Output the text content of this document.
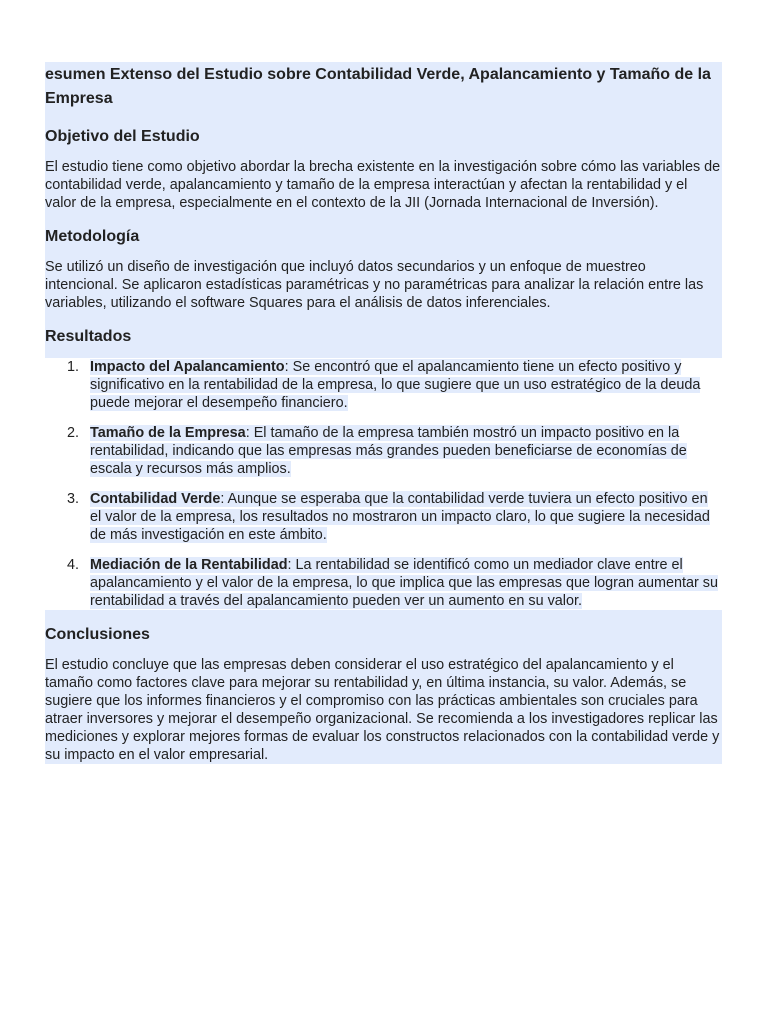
esumen Extenso del Estudio sobre Contabilidad Verde, Apalancamiento y Tamaño de la Empresa
Objetivo del Estudio

El estudio tiene como objetivo abordar la brecha existente en la investigación sobre cómo las variables de contabilidad verde, apalancamiento y tamaño de la empresa interactúan y afectan la rentabilidad y el valor de la empresa, especialmente en el contexto de la JII (Jornada Internacional de Inversión).

Metodología

Se utilizó un diseño de investigación que incluyó datos secundarios y un enfoque de muestreo intencional. Se aplicaron estadísticas paramétricas y no paramétricas para analizar la relación entre las variables, utilizando el software Squares para el análisis de datos inferenciales.

Resultados
1. Impacto del Apalancamiento: Se encontró que el apalancamiento tiene un efecto positivo y significativo en la rentabilidad de la empresa, lo que sugiere que un uso estratégico de la deuda puede mejorar el desempeño financiero.
2. Tamaño de la Empresa: El tamaño de la empresa también mostró un impacto positivo en la rentabilidad, indicando que las empresas más grandes pueden beneficiarse de economías de escala y recursos más amplios.
3. Contabilidad Verde: Aunque se esperaba que la contabilidad verde tuviera un efecto positivo en el valor de la empresa, los resultados no mostraron un impacto claro, lo que sugiere la necesidad de más investigación en este ámbito.
4. Mediación de la Rentabilidad: La rentabilidad se identificó como un mediador clave entre el apalancamiento y el valor de la empresa, lo que implica que las empresas que logran aumentar su rentabilidad a través del apalancamiento pueden ver un aumento en su valor.
Conclusiones

El estudio concluye que las empresas deben considerar el uso estratégico del apalancamiento y el tamaño como factores clave para mejorar su rentabilidad y, en última instancia, su valor. Además, se sugiere que los informes financieros y el compromiso con las prácticas ambientales son cruciales para atraer inversores y mejorar el desempeño organizacional. Se recomienda a los investigadores replicar las mediciones y explorar mejores formas de evaluar los constructos relacionados con la contabilidad verde y su impacto en el valor empresarial.
